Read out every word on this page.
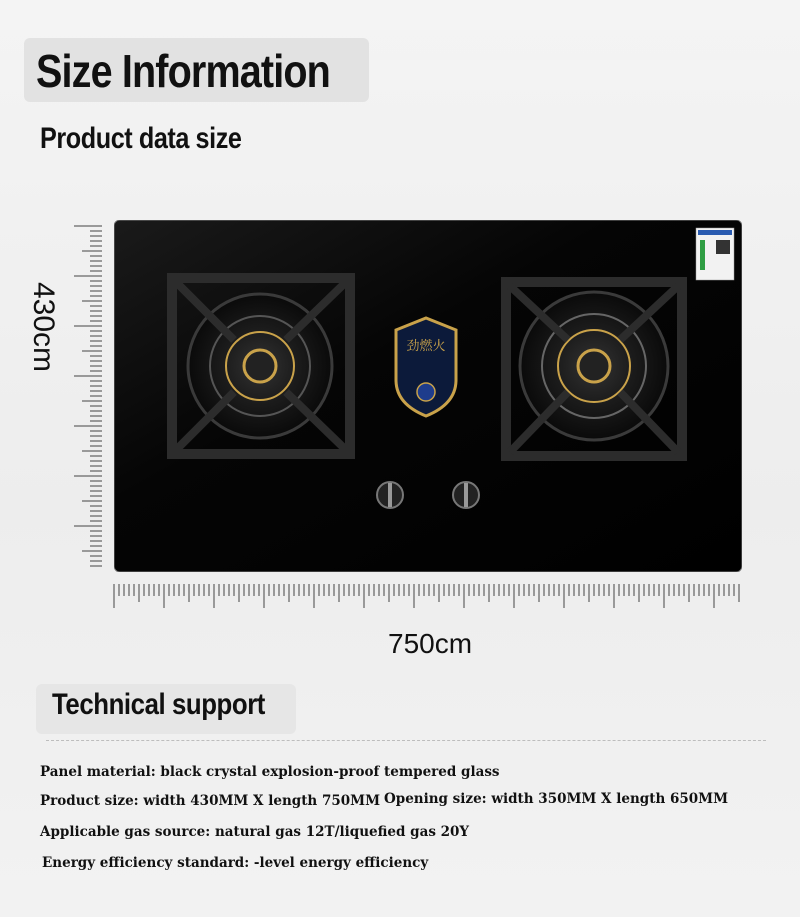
Size Information
Product data size
430cm	劲燃火
750cm
Technical support
Panel material: black crystal explosion-proof tempered glass
Product size: width 430MM X length 750MM Opening size: width 350MM X length 650MM
Applicable gas source: natural gas 12T/liquefied gas 20Y
Energy efficiency standard: -level energy efficiency
